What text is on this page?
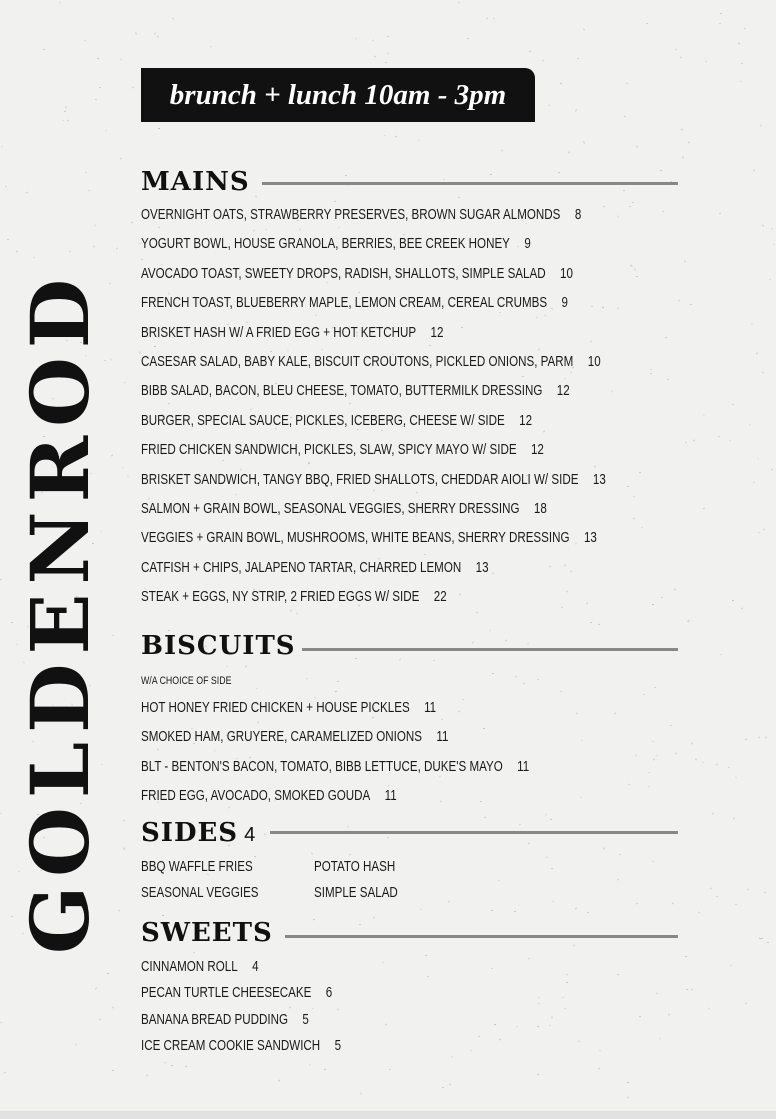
GOLDENROD
brunch + lunch 10am - 3pm
MAINS
OVERNIGHT OATS, STRAWBERRY PRESERVES, BROWN SUGAR ALMONDS 8
YOGURT BOWL, HOUSE GRANOLA, BERRIES, BEE CREEK HONEY 9
AVOCADO TOAST, SWEETY DROPS, RADISH, SHALLOTS, SIMPLE SALAD 10
FRENCH TOAST, BLUEBERRY MAPLE, LEMON CREAM, CEREAL CRUMBS 9
BRISKET HASH W/ A FRIED EGG + HOT KETCHUP 12
CASESAR SALAD, BABY KALE, BISCUIT CROUTONS, PICKLED ONIONS, PARM 10
BIBB SALAD, BACON, BLEU CHEESE, TOMATO, BUTTERMILK DRESSING 12
BURGER, SPECIAL SAUCE, PICKLES, ICEBERG, CHEESE W/ SIDE 12
FRIED CHICKEN SANDWICH, PICKLES, SLAW, SPICY MAYO W/ SIDE 12
BRISKET SANDWICH, TANGY BBQ, FRIED SHALLOTS, CHEDDAR AIOLI W/ SIDE 13
SALMON + GRAIN BOWL, SEASONAL VEGGIES, SHERRY DRESSING 18
VEGGIES + GRAIN BOWL, MUSHROOMS, WHITE BEANS, SHERRY DRESSING 13
CATFISH + CHIPS, JALAPENO TARTAR, CHARRED LEMON 13
STEAK + EGGS, NY STRIP, 2 FRIED EGGS W/ SIDE 22
BISCUITS
W/A CHOICE OF SIDE
HOT HONEY FRIED CHICKEN + HOUSE PICKLES 11
SMOKED HAM, GRUYERE, CARAMELIZED ONIONS 11
BLT - BENTON'S BACON, TOMATO, BIBB LETTUCE, DUKE'S MAYO 11
FRIED EGG, AVOCADO, SMOKED GOUDA 11
SIDES 4
BBQ WAFFLE FRIES	POTATO HASH
SEASONAL VEGGIES	SIMPLE SALAD
SWEETS
CINNAMON ROLL 4
PECAN TURTLE CHEESECAKE 6
BANANA BREAD PUDDING 5
ICE CREAM COOKIE SANDWICH 5
